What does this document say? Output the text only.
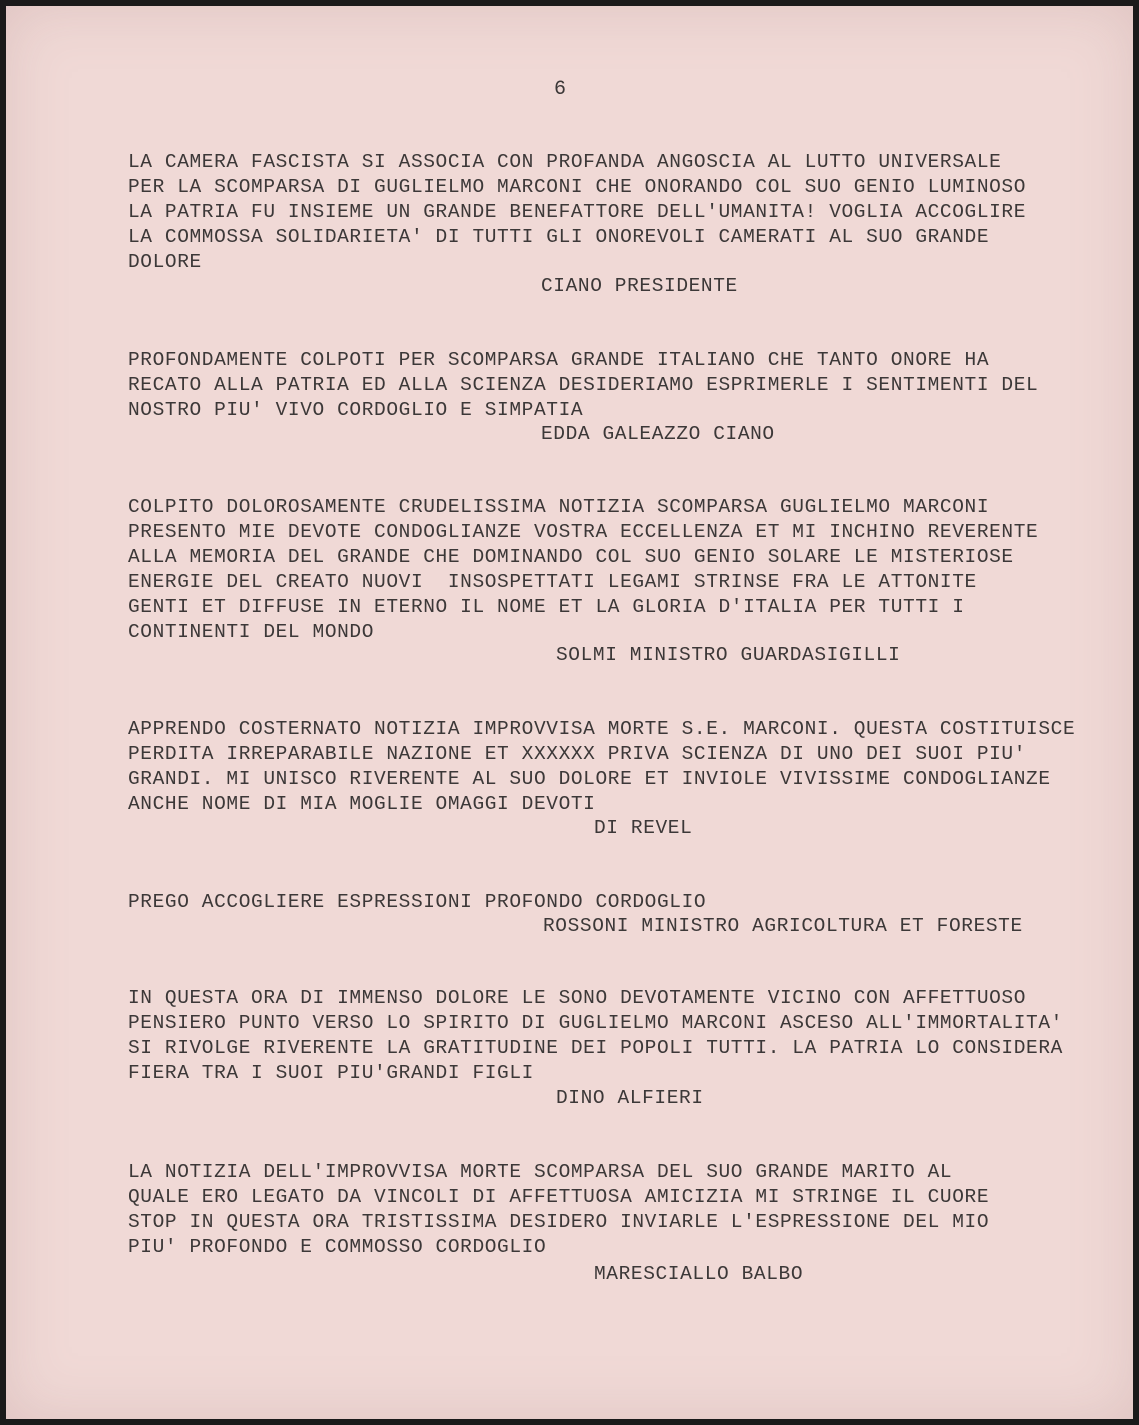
6
LA CAMERA FASCISTA SI ASSOCIA CON PROFANDA ANGOSCIA AL LUTTO UNIVERSALE
PER LA SCOMPARSA DI GUGLIELMO MARCONI CHE ONORANDO COL SUO GENIO LUMINOSO
LA PATRIA FU INSIEME UN GRANDE BENEFATTORE DELL'UMANITA! VOGLIA ACCOGLIRE
LA COMMOSSA SOLIDARIETA' DI TUTTI GLI ONOREVOLI CAMERATI AL SUO GRANDE
DOLORE
CIANO PRESIDENTE
PROFONDAMENTE COLPOTI PER SCOMPARSA GRANDE ITALIANO CHE TANTO ONORE HA
RECATO ALLA PATRIA ED ALLA SCIENZA DESIDERIAMO ESPRIMERLE I SENTIMENTI DEL
NOSTRO PIU' VIVO CORDOGLIO E SIMPATIA
EDDA GALEAZZO CIANO
COLPITO DOLOROSAMENTE CRUDELISSIMA NOTIZIA SCOMPARSA GUGLIELMO MARCONI
PRESENTO MIE DEVOTE CONDOGLIANZE VOSTRA ECCELLENZA ET MI INCHINO REVERENTE
ALLA MEMORIA DEL GRANDE CHE DOMINANDO COL SUO GENIO SOLARE LE MISTERIOSE
ENERGIE DEL CREATO NUOVI  INSOSPETTATI LEGAMI STRINSE FRA LE ATTONITE
GENTI ET DIFFUSE IN ETERNO IL NOME ET LA GLORIA D'ITALIA PER TUTTI I
CONTINENTI DEL MONDO
SOLMI MINISTRO GUARDASIGILLI
APPRENDO COSTERNATO NOTIZIA IMPROVVISA MORTE S.E. MARCONI. QUESTA COSTITUISCE
PERDITA IRREPARABILE NAZIONE ET XXXXXX PRIVA SCIENZA DI UNO DEI SUOI PIU'
GRANDI. MI UNISCO RIVERENTE AL SUO DOLORE ET INVIOLE VIVISSIME CONDOGLIANZE
ANCHE NOME DI MIA MOGLIE OMAGGI DEVOTI
DI REVEL
PREGO ACCOGLIERE ESPRESSIONI PROFONDO CORDOGLIO
ROSSONI MINISTRO AGRICOLTURA ET FORESTE
IN QUESTA ORA DI IMMENSO DOLORE LE SONO DEVOTAMENTE VICINO CON AFFETTUOSO
PENSIERO PUNTO VERSO LO SPIRITO DI GUGLIELMO MARCONI ASCESO ALL'IMMORTALITA'
SI RIVOLGE RIVERENTE LA GRATITUDINE DEI POPOLI TUTTI. LA PATRIA LO CONSIDERA
FIERA TRA I SUOI PIU'GRANDI FIGLI
DINO ALFIERI
LA NOTIZIA DELL'IMPROVVISA MORTE SCOMPARSA DEL SUO GRANDE MARITO AL
QUALE ERO LEGATO DA VINCOLI DI AFFETTUOSA AMICIZIA MI STRINGE IL CUORE
STOP IN QUESTA ORA TRISTISSIMA DESIDERO INVIARLE L'ESPRESSIONE DEL MIO
PIU' PROFONDO E COMMOSSO CORDOGLIO
MARESCIALLO BALBO
